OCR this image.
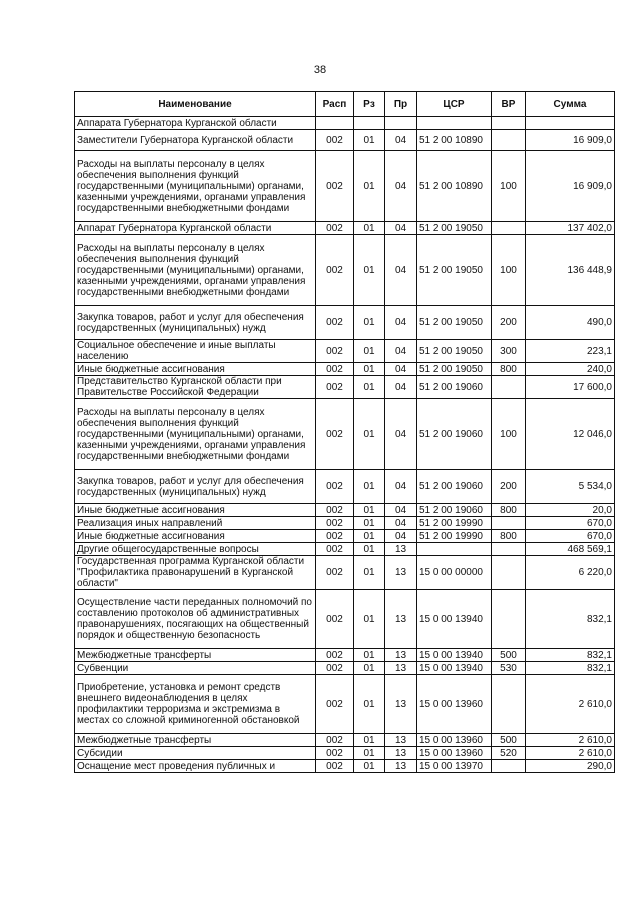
38
Наименование	Расп	Рз	Пр	ЦСР	ВР	Сумма
Аппарата Губернатора Курганской области						
Заместители Губернатора Курганской области	002	01	04	51 2 00 10890		16 909,0
Расходы на выплаты персоналу в целях обеспечения выполнения функций государственными (муниципальными) органами, казенными учреждениями, органами управления государственными внебюджетными фондами	002	01	04	51 2 00 10890	100	16 909,0
Аппарат Губернатора Курганской области	002	01	04	51 2 00 19050		137 402,0
Расходы на выплаты персоналу в целях обеспечения выполнения функций государственными (муниципальными) органами, казенными учреждениями, органами управления государственными внебюджетными фондами	002	01	04	51 2 00 19050	100	136 448,9
Закупка товаров, работ и услуг для обеспечения государственных (муниципальных) нужд	002	01	04	51 2 00 19050	200	490,0
Социальное обеспечение и иные выплаты населению	002	01	04	51 2 00 19050	300	223,1
Иные бюджетные ассигнования	002	01	04	51 2 00 19050	800	240,0
Представительство Курганской области при Правительстве Российской Федерации	002	01	04	51 2 00 19060		17 600,0
Расходы на выплаты персоналу в целях обеспечения выполнения функций государственными (муниципальными) органами, казенными учреждениями, органами управления государственными внебюджетными фондами	002	01	04	51 2 00 19060	100	12 046,0
Закупка товаров, работ и услуг для обеспечения государственных (муниципальных) нужд	002	01	04	51 2 00 19060	200	5 534,0
Иные бюджетные ассигнования	002	01	04	51 2 00 19060	800	20,0
Реализация иных направлений	002	01	04	51 2 00 19990		670,0
Иные бюджетные ассигнования	002	01	04	51 2 00 19990	800	670,0
Другие общегосударственные вопросы	002	01	13			468 569,1
Государственная программа Курганской области "Профилактика правонарушений в Курганской области"	002	01	13	15 0 00 00000		6 220,0
Осуществление части переданных полномочий по составлению протоколов об административных правонарушениях, посягающих на общественный порядок и общественную безопасность	002	01	13	15 0 00 13940		832,1
Межбюджетные трансферты	002	01	13	15 0 00 13940	500	832,1
Субвенции	002	01	13	15 0 00 13940	530	832,1
Приобретение, установка и ремонт средств внешнего видеонаблюдения в целях профилактики терроризма и экстремизма в местах со сложной криминогенной обстановкой	002	01	13	15 0 00 13960		2 610,0
Межбюджетные трансферты	002	01	13	15 0 00 13960	500	2 610,0
Субсидии	002	01	13	15 0 00 13960	520	2 610,0
Оснащение мест проведения публичных и	002	01	13	15 0 00 13970		290,0
